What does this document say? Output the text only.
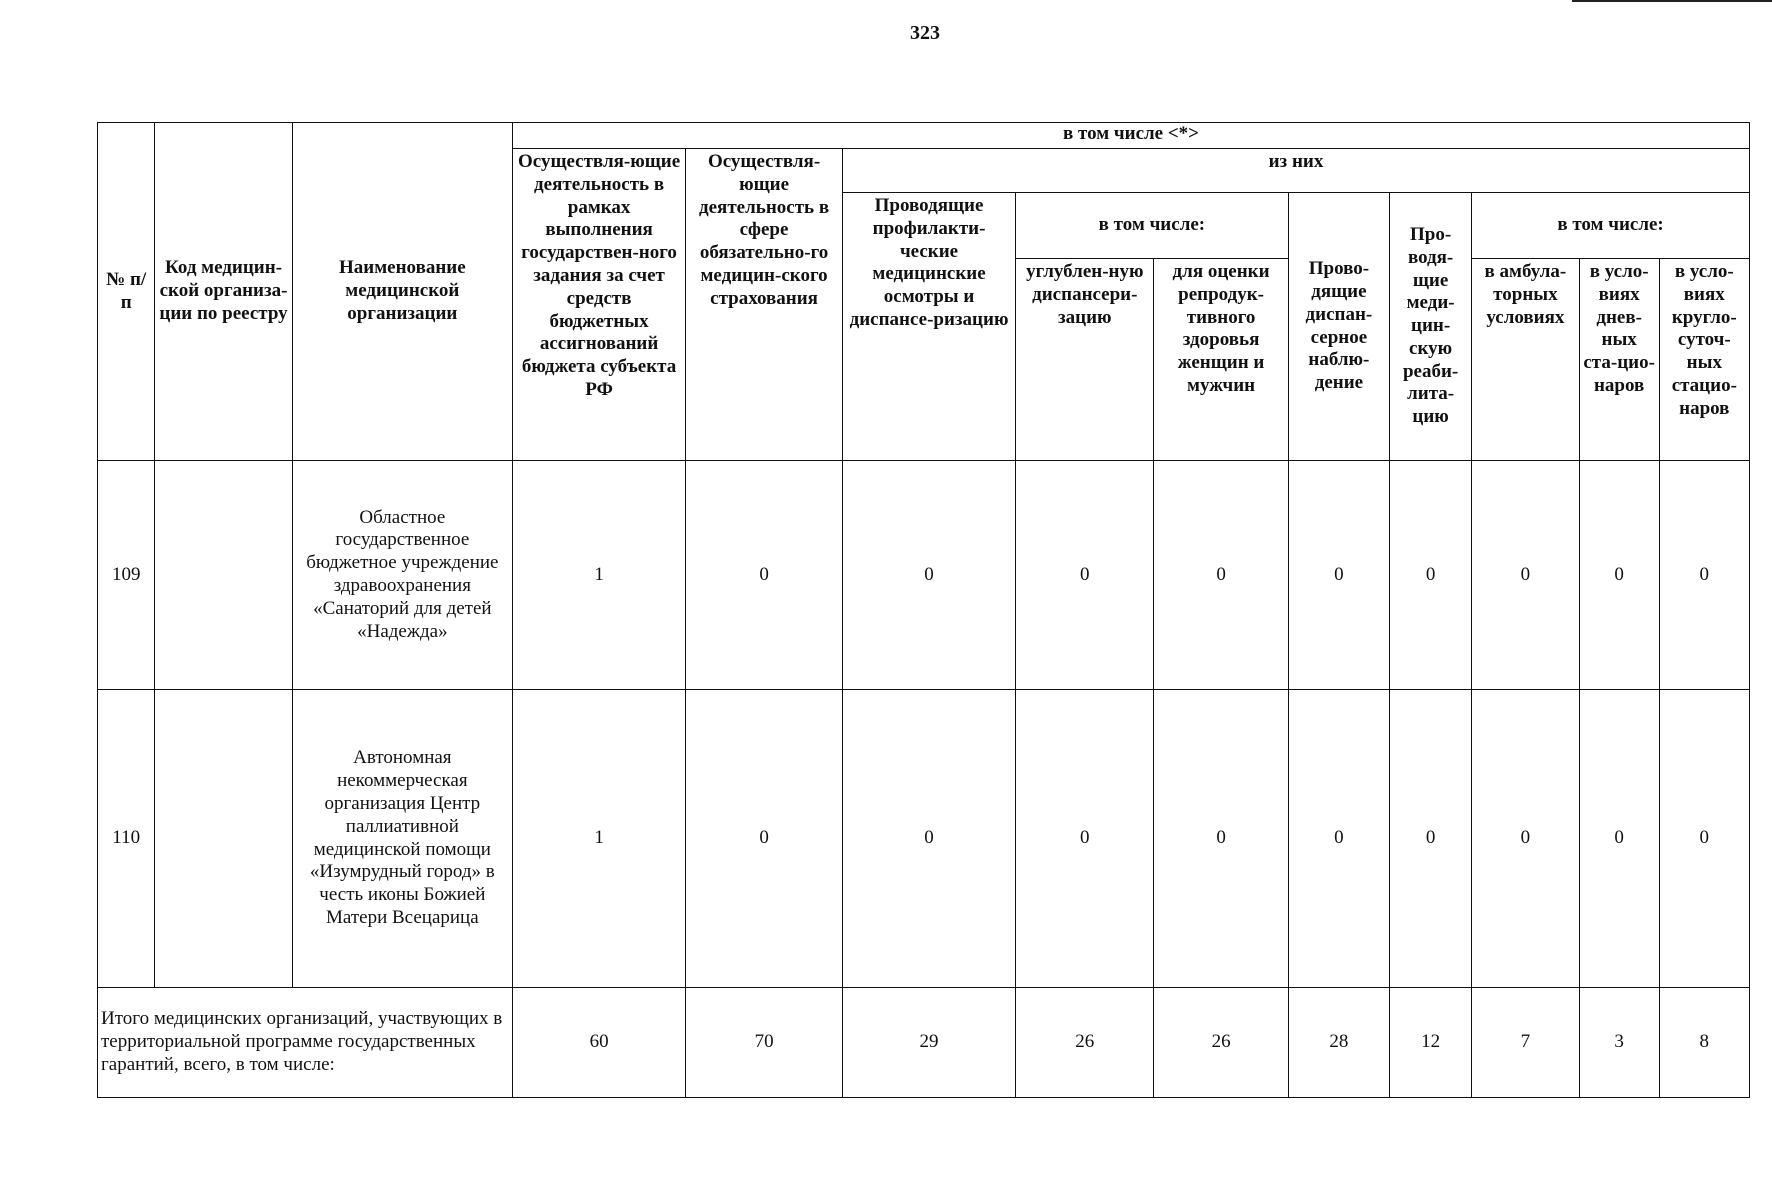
323
№ п/п	Код медицин-ской организа-ции по реестру	Наименование медицинской организации	в том числе <*>									
			Осуществля-ющие деятельность в рамках выполнения государствен-ного задания за счет средств бюджетных ассигнований бюджета субъекта РФ	Осуществля-ющие деятельность в сфере обязательно-го медицин-ского страхования	из них							
					Проводящие профилакти-ческие медицинские осмотры и диспансе-ризацию	в том числе:		Прово-дящие диспан-серное наблю-дение	Про-водя-щие меди-цин-скую реаби-лита-цию	в том числе:		
						углублен-ную диспансери-зацию	для оценки репродук-тивного здоровья женщин и мужчин			в амбула-торных условиях	в усло-виях днев-ных ста-цио-наров	в усло-виях кругло-суточ-ных стацио-наров
109		Областное государственное бюджетное учреждение здравоохранения «Санаторий для детей «Надежда»	1	0	0	0	0	0	0	0	0	0
110		Автономная некоммерческая организация Центр паллиативной медицинской помощи «Изумрудный город» в честь иконы Божией Матери Всецарица	1	0	0	0	0	0	0	0	0	0
Итого медицинских организаций, участвующих в территориальной программе государственных гарантий, всего, в том числе:			60	70	29	26	26	28	12	7	3	8
